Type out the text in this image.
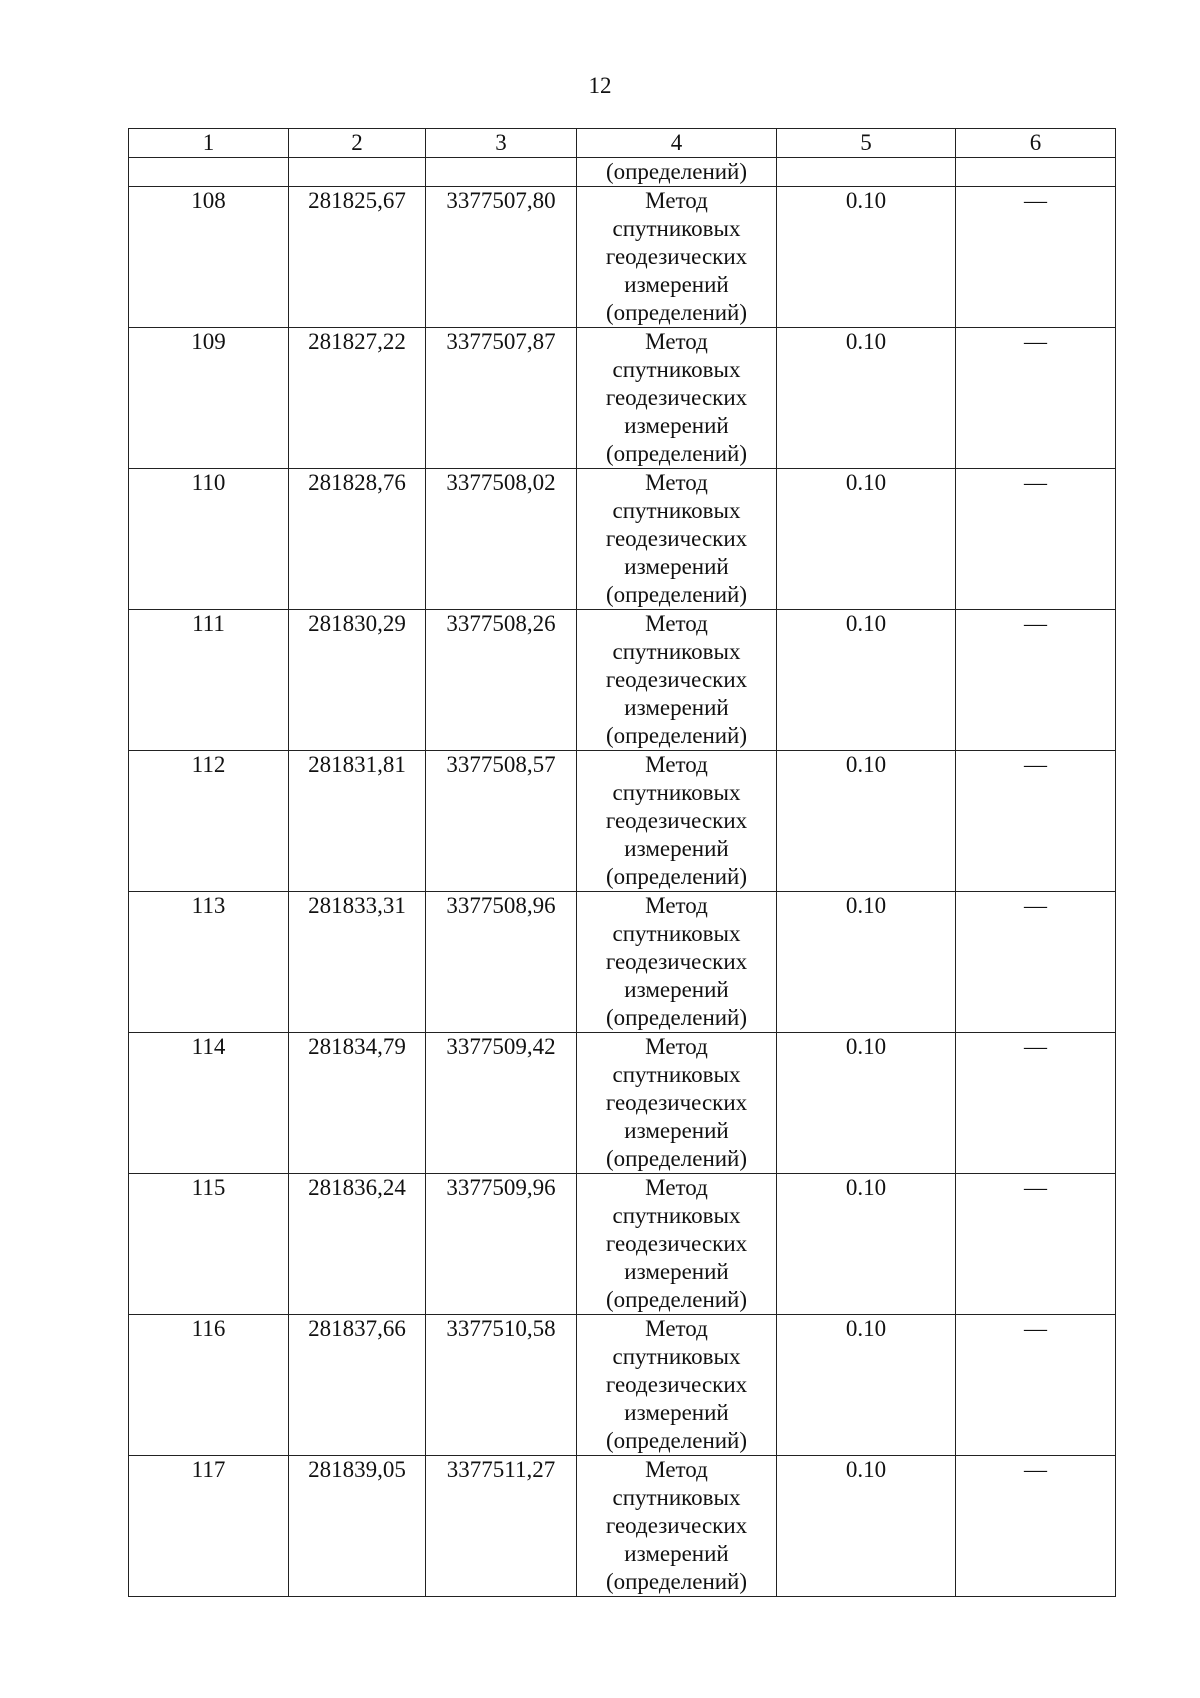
12
1	2	3	4	5	6
			(определений)		
108	281825,67	3377507,80	Метод
спутниковых
геодезических
измерений
(определений)	0.10	—
109	281827,22	3377507,87	Метод
спутниковых
геодезических
измерений
(определений)	0.10	—
110	281828,76	3377508,02	Метод
спутниковых
геодезических
измерений
(определений)	0.10	—
111	281830,29	3377508,26	Метод
спутниковых
геодезических
измерений
(определений)	0.10	—
112	281831,81	3377508,57	Метод
спутниковых
геодезических
измерений
(определений)	0.10	—
113	281833,31	3377508,96	Метод
спутниковых
геодезических
измерений
(определений)	0.10	—
114	281834,79	3377509,42	Метод
спутниковых
геодезических
измерений
(определений)	0.10	—
115	281836,24	3377509,96	Метод
спутниковых
геодезических
измерений
(определений)	0.10	—
116	281837,66	3377510,58	Метод
спутниковых
геодезических
измерений
(определений)	0.10	—
117	281839,05	3377511,27	Метод
спутниковых
геодезических
измерений
(определений)	0.10	—
